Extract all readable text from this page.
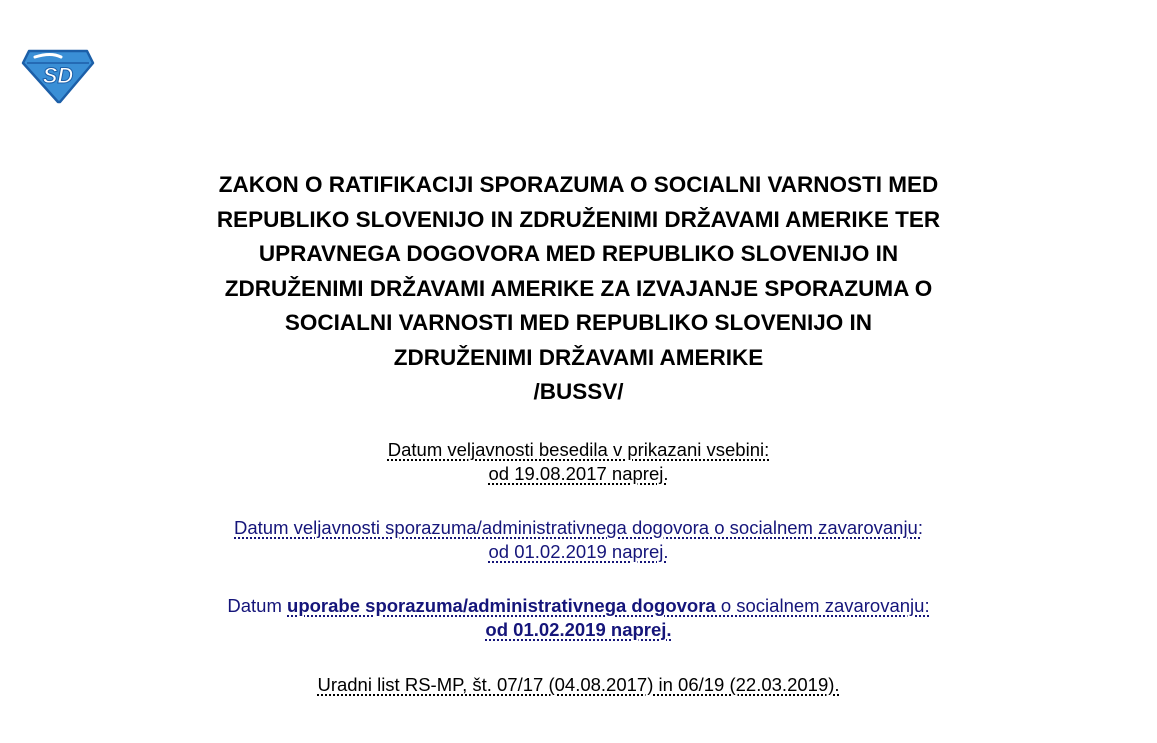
SD
ZAKON O RATIFIKACIJI SPORAZUMA O SOCIALNI VARNOSTI MED
REPUBLIKO SLOVENIJO IN ZDRUŽENIMI DRŽAVAMI AMERIKE TER
UPRAVNEGA DOGOVORA MED REPUBLIKO SLOVENIJO IN
ZDRUŽENIMI DRŽAVAMI AMERIKE ZA IZVAJANJE SPORAZUMA O
SOCIALNI VARNOSTI MED REPUBLIKO SLOVENIJO IN
ZDRUŽENIMI DRŽAVAMI AMERIKE
/BUSSV/
Datum veljavnosti besedila v prikazani vsebini:
od 19.08.2017 naprej.
Datum veljavnosti sporazuma/administrativnega dogovora o socialnem zavarovanju:
od 01.02.2019 naprej.
Datum uporabe sporazuma/administrativnega dogovora o socialnem zavarovanju:
od 01.02.2019 naprej.
Uradni list RS-MP, št. 07/17 (04.08.2017) in 06/19 (22.03.2019).
